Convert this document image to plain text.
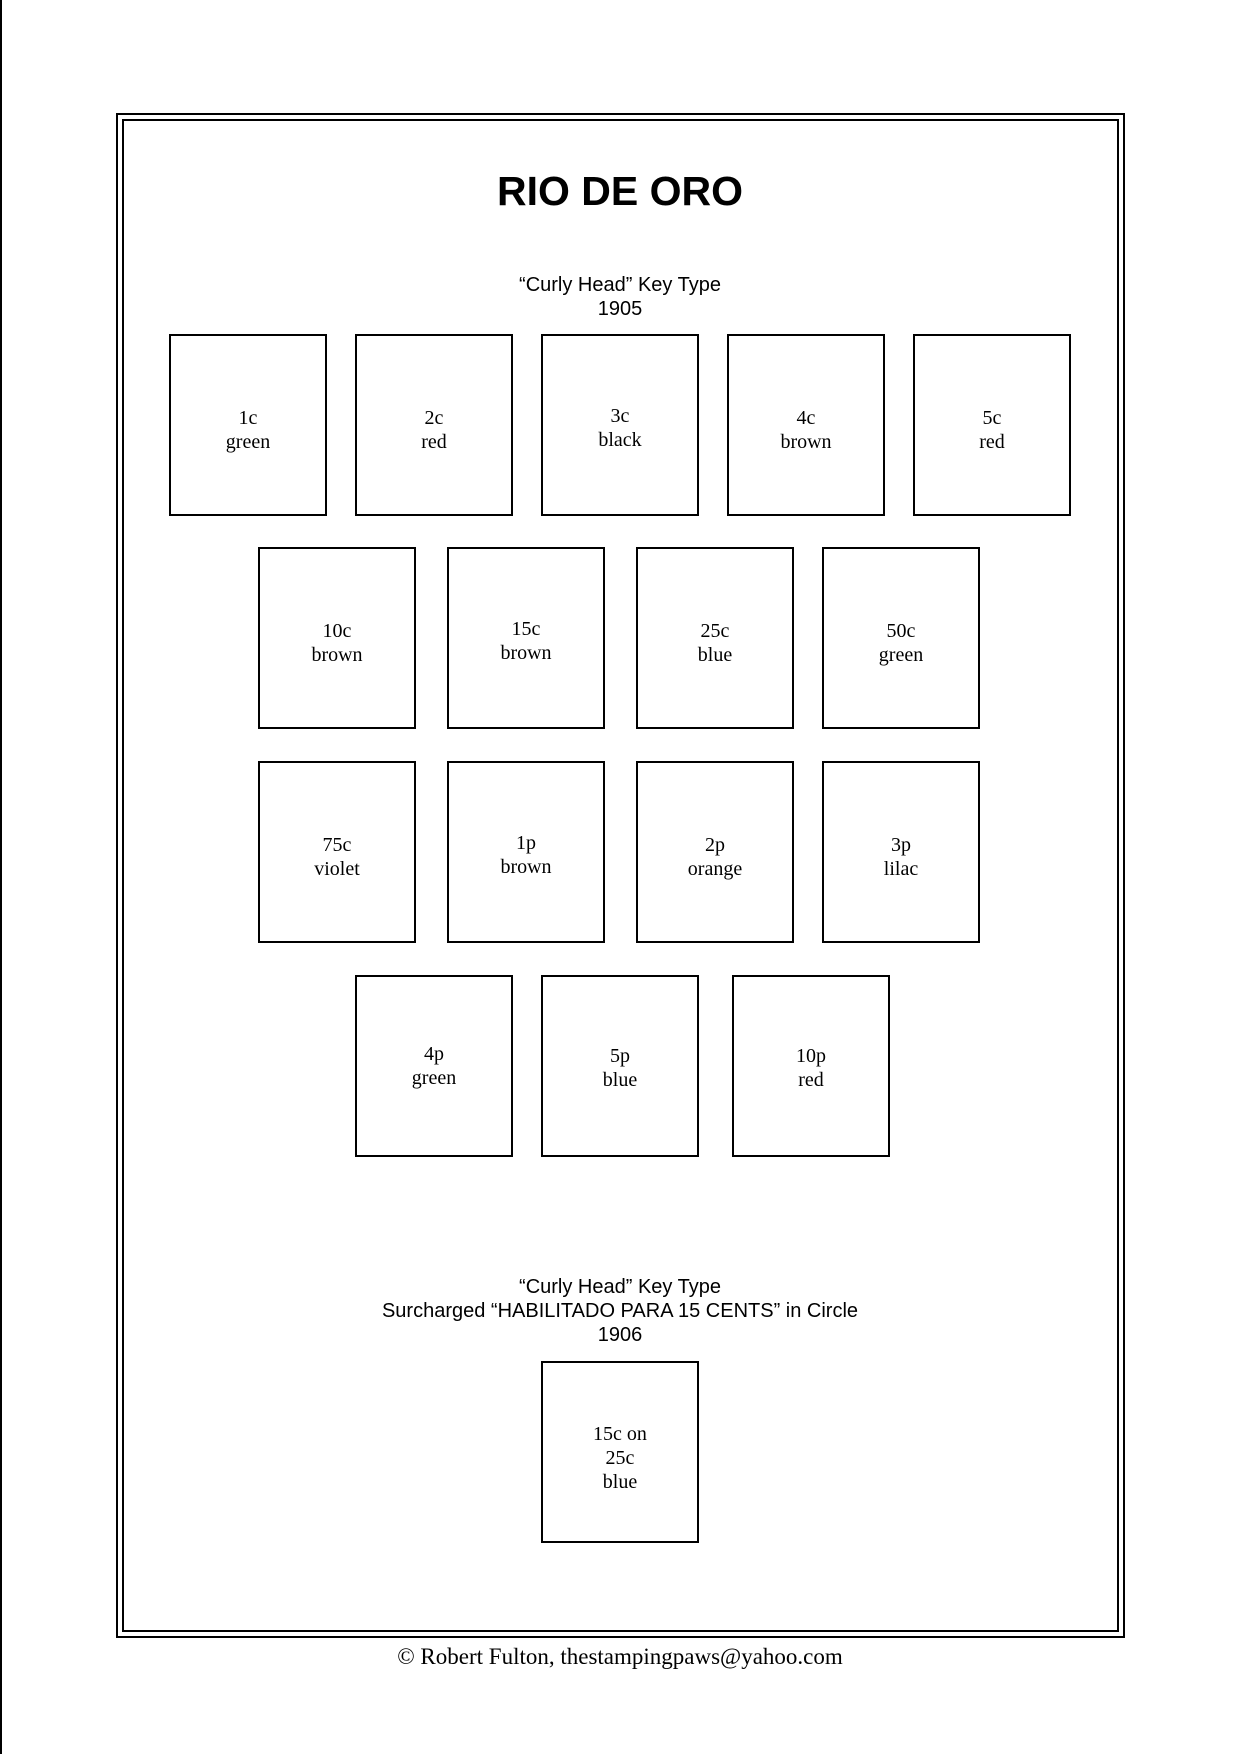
RIO DE ORO
“Curly Head” Key Type
1905
1c
green
2c
red
3c
black
4c
brown
5c
red
10c
brown
15c
brown
25c
blue
50c
green
75c
violet
1p
brown
2p
orange
3p
lilac
4p
green
5p
blue
10p
red
“Curly Head” Key Type
Surcharged “HABILITADO PARA 15 CENTS” in Circle
1906
15c on
25c
blue
© Robert Fulton, thestampingpaws@yahoo.com
